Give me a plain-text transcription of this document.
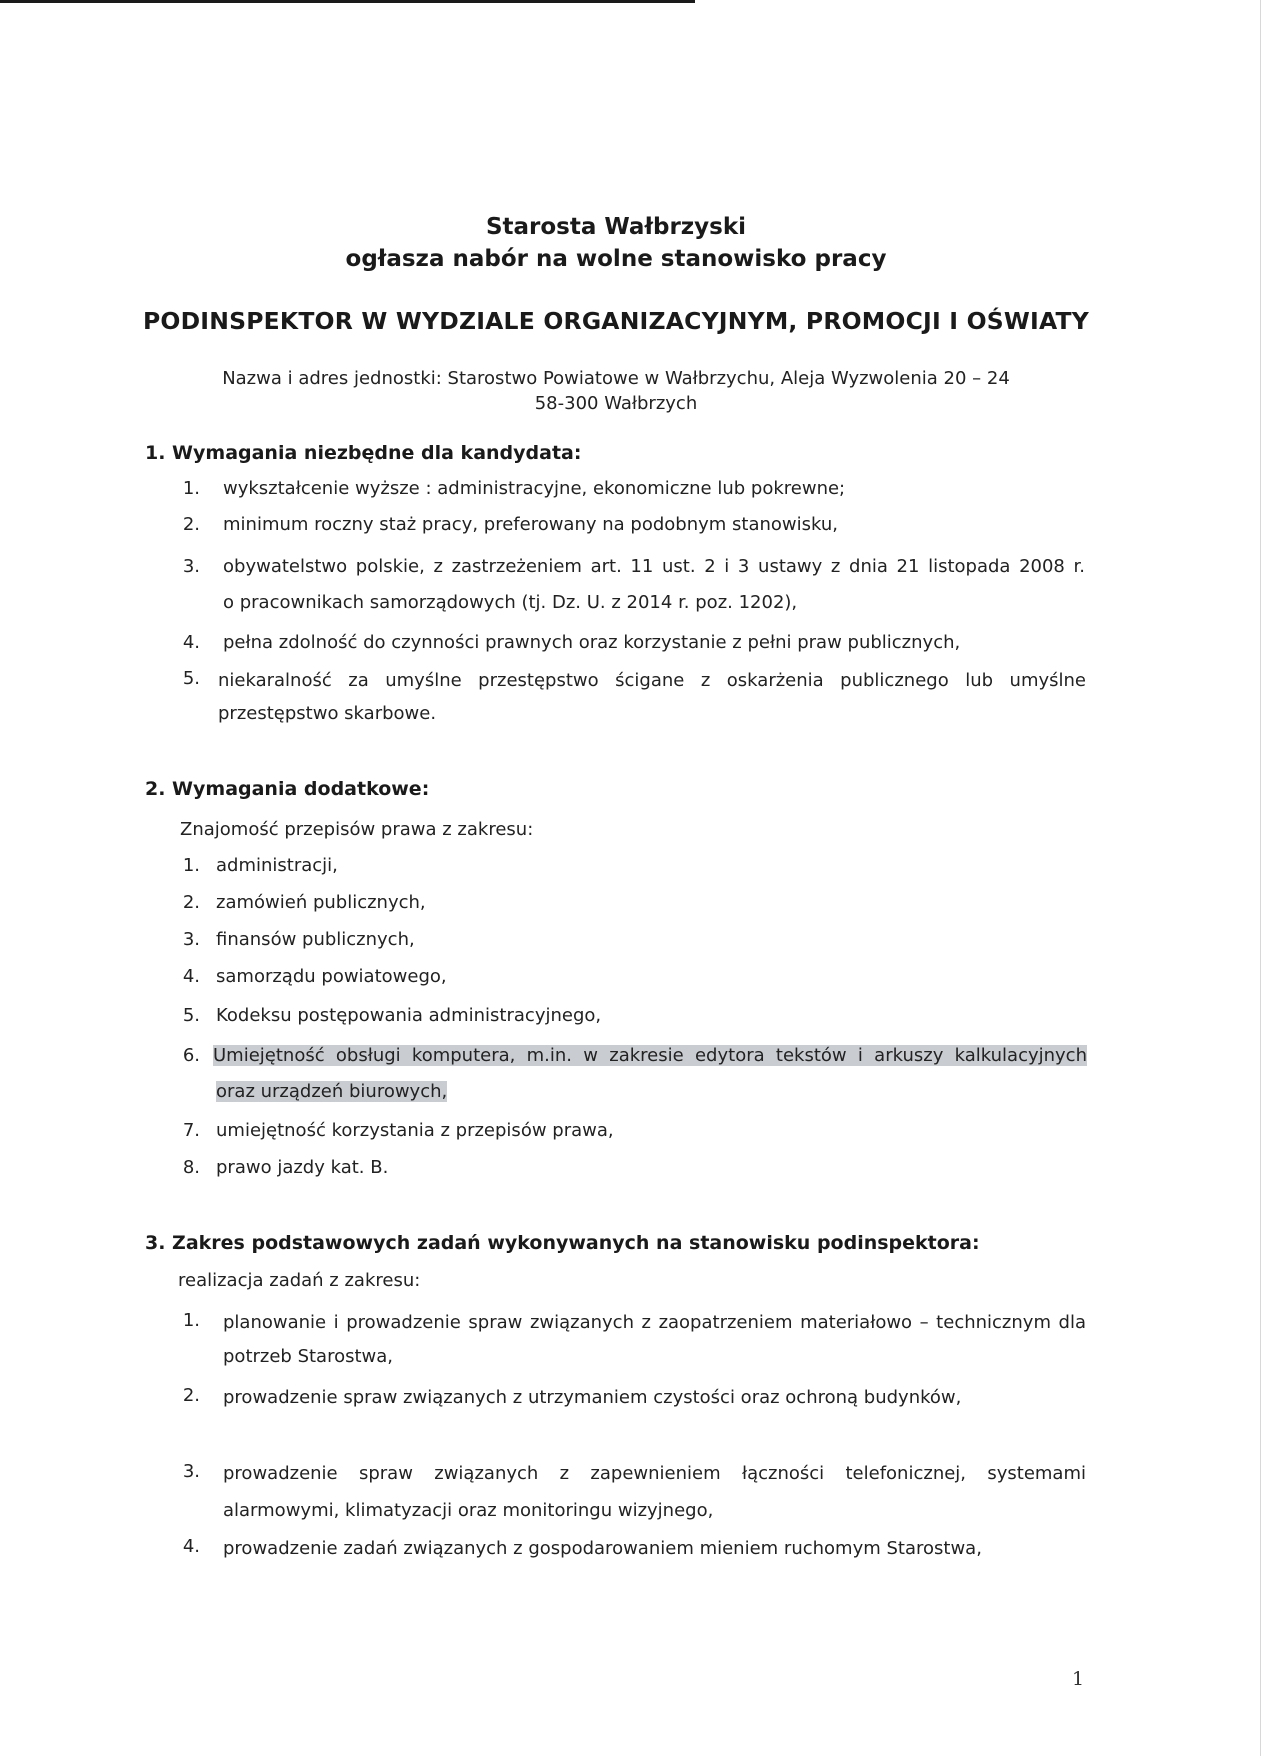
Starosta Wałbrzyski
ogłasza nabór na wolne stanowisko pracy
PODINSPEKTOR W WYDZIALE ORGANIZACYJNYM, PROMOCJI I OŚWIATY
Nazwa i adres jednostki: Starostwo Powiatowe w Wałbrzychu, Aleja Wyzwolenia 20 – 24
58-300 Wałbrzych
1. Wymagania niezbędne dla kandydata:
1. wykształcenie wyższe : administracyjne, ekonomiczne lub pokrewne;
2. minimum roczny staż pracy, preferowany na podobnym stanowisku,
3. obywatelstwo polskie, z zastrzeżeniem art. 11 ust. 2 i 3 ustawy z dnia 21 listopada 2008 r.
o pracownikach samorządowych (tj. Dz. U. z 2014 r. poz. 1202),
4. pełna zdolność do czynności prawnych oraz korzystanie z pełni praw publicznych,
5. niekaralność za umyślne przestępstwo ścigane z oskarżenia publicznego lub umyślne
przestępstwo skarbowe.
2. Wymagania dodatkowe:
Znajomość przepisów prawa z zakresu:
1. administracji,
2. zamówień publicznych,
3. finansów publicznych,
4. samorządu powiatowego,
5. Kodeksu postępowania administracyjnego,
6. Umiejętność obsługi komputera, m.in. w zakresie edytora tekstów i arkuszy kalkulacyjnych
oraz urządzeń biurowych,
7. umiejętność korzystania z przepisów prawa,
8. prawo jazdy kat. B.
3. Zakres podstawowych zadań wykonywanych na stanowisku podinspektora:
realizacja zadań z zakresu:
1. planowanie i prowadzenie spraw związanych z zaopatrzeniem materiałowo – technicznym dla
potrzeb Starostwa,
2. prowadzenie spraw związanych z utrzymaniem czystości oraz ochroną budynków,
3. prowadzenie spraw związanych z zapewnieniem łączności telefonicznej, systemami
alarmowymi, klimatyzacji oraz monitoringu wizyjnego,
4. prowadzenie zadań związanych z gospodarowaniem mieniem ruchomym Starostwa,
1
